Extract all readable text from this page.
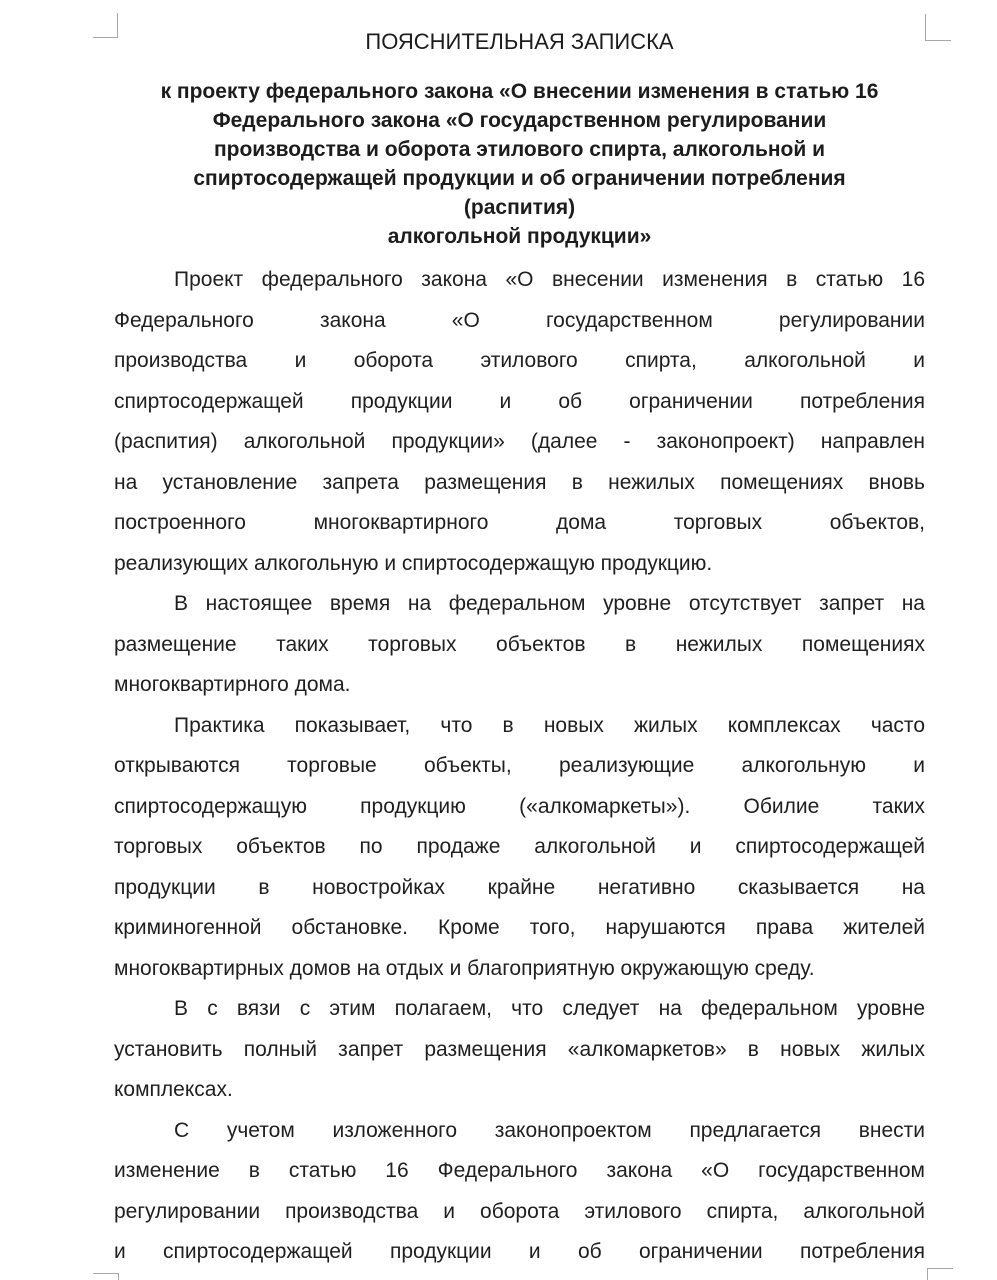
ПОЯСНИТЕЛЬНАЯ ЗАПИСКА
к проекту федерального закона «О внесении изменения в статью 16
Федерального закона «О государственном регулировании
производства и оборота этилового спирта, алкогольной и
спиртосодержащей продукции и об ограничении потребления
(распития)
алкогольной продукции»
Проект федерального закона «О внесении изменения в статью 16
Федерального закона «О государственном регулировании
производства и оборота этилового спирта, алкогольной и
спиртосодержащей продукции и об ограничении потребления
(распития) алкогольной продукции» (далее - законопроект) направлен
на установление запрета размещения в нежилых помещениях вновь
построенного многоквартирного дома торговых объектов,
реализующих алкогольную и спиртосодержащую продукцию.
В настоящее время на федеральном уровне отсутствует запрет на
размещение таких торговых объектов в нежилых помещениях
многоквартирного дома.
Практика показывает, что в новых жилых комплексах часто
открываются торговые объекты, реализующие алкогольную и
спиртосодержащую продукцию («алкомаркеты»). Обилие таких
торговых объектов по продаже алкогольной и спиртосодержащей
продукции в новостройках крайне негативно сказывается на
криминогенной обстановке. Кроме того, нарушаются права жителей
многоквартирных домов на отдых и благоприятную окружающую среду.
В с вязи с этим полагаем, что следует на федеральном уровне
установить полный запрет размещения «алкомаркетов» в новых жилых
комплексах.
С учетом изложенного законопроектом предлагается внести
изменение в статью 16 Федерального закона «О государственном
регулировании производства и оборота этилового спирта, алкогольной
и спиртосодержащей продукции и об ограничении потребления
